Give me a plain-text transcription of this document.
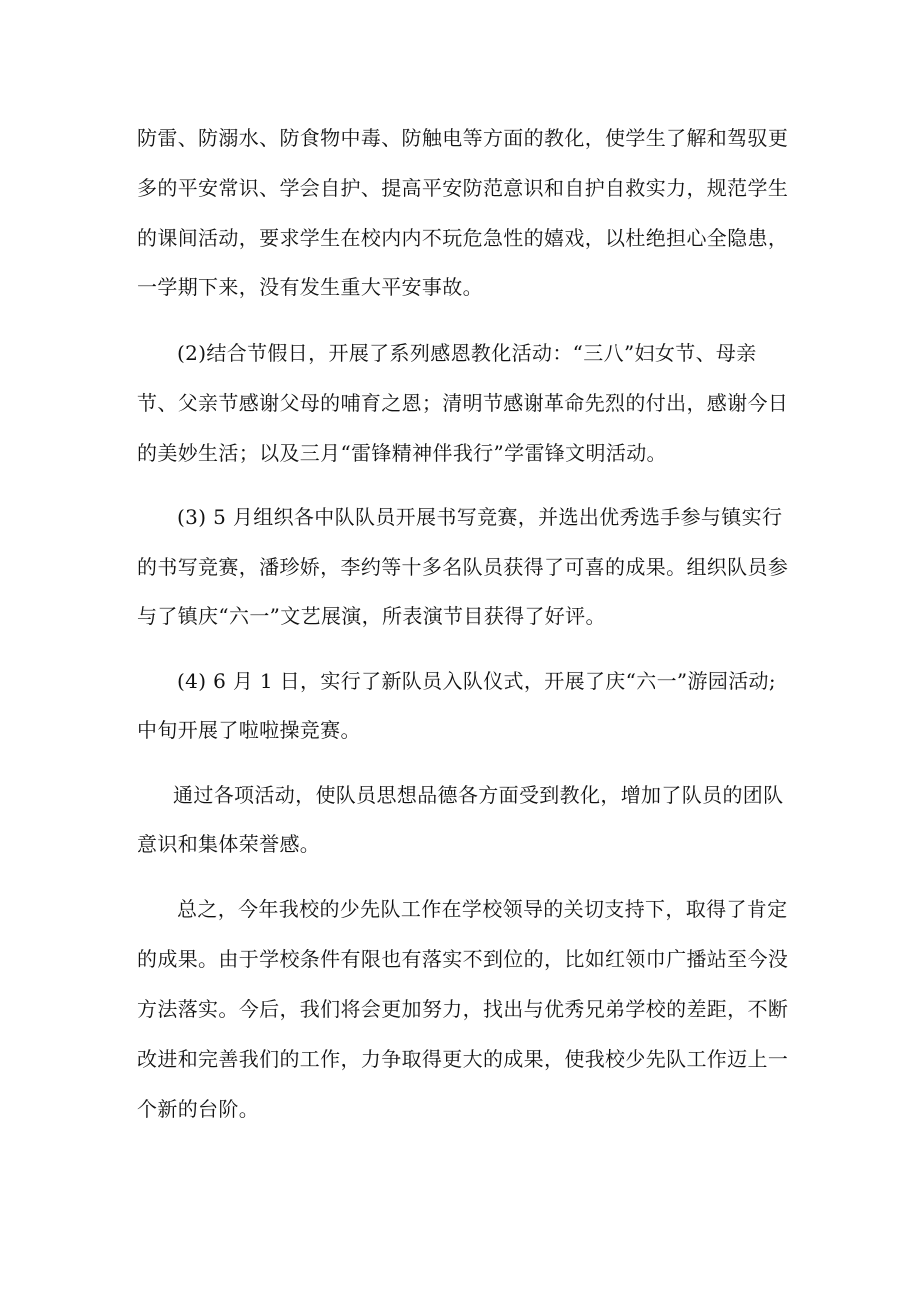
防雷、防溺水、防食物中毒、防触电等方面的教化，使学生了解和驾驭更
多的平安常识、学会自护、提高平安防范意识和自护自救实力，规范学生
的课间活动，要求学生在校内内不玩危急性的嬉戏，以杜绝担心全隐患，
一学期下来，没有发生重大平安事故。
(2)结合节假日，开展了系列感恩教化活动：“三八”妇女节、母亲
节、父亲节感谢父母的哺育之恩；清明节感谢革命先烈的付出，感谢今日
的美妙生活；以及三月“雷锋精神伴我行”学雷锋文明活动。
(3) 5 月组织各中队队员开展书写竞赛，并选出优秀选手参与镇实行
的书写竞赛，潘珍娇，李约等十多名队员获得了可喜的成果。组织队员参
与了镇庆“六一”文艺展演，所表演节目获得了好评。
(4) 6 月 1 日，实行了新队员入队仪式，开展了庆“六一”游园活动;
中旬开展了啦啦操竞赛。
通过各项活动，使队员思想品德各方面受到教化，增加了队员的团队
意识和集体荣誉感。
总之，今年我校的少先队工作在学校领导的关切支持下，取得了肯定
的成果。由于学校条件有限也有落实不到位的，比如红领巾广播站至今没
方法落实。今后，我们将会更加努力，找出与优秀兄弟学校的差距，不断
改进和完善我们的工作，力争取得更大的成果，使我校少先队工作迈上一
个新的台阶。
